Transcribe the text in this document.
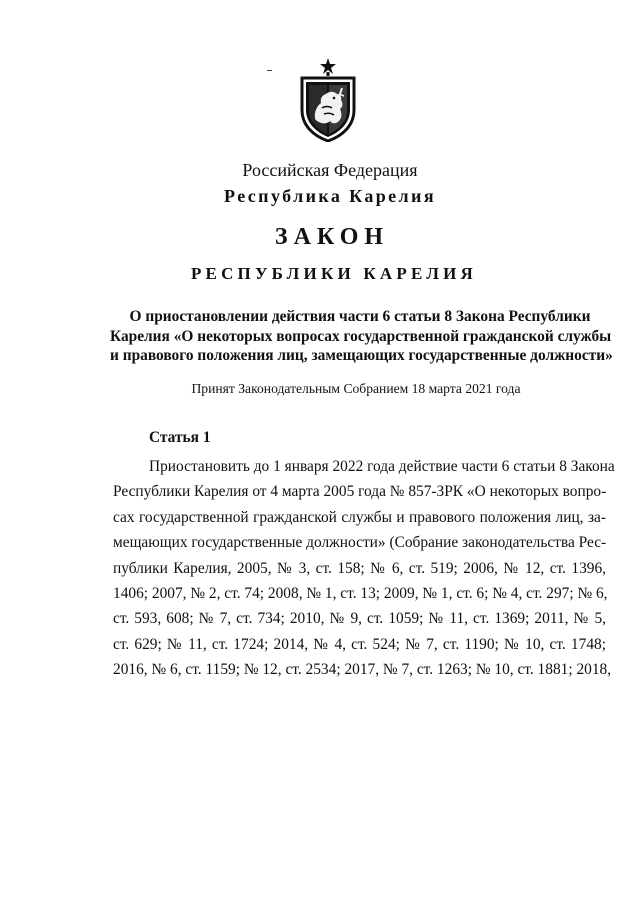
Российская Федерация
Республика Карелия
ЗАКОН
РЕСПУБЛИКИ КАРЕЛИЯ
О приостановлении действия части 6 статьи 8 Закона Республики
Карелия «О некоторых вопросах государственной гражданской службы
и правового положения лиц, замещающих государственные должности»
Принят Законодательным Собранием 18 марта 2021 года
Статья 1
Приостановить до 1 января 2022 года действие части 6 статьи 8 Закона
Республики Карелия от 4 марта 2005 года № 857-ЗРК «О некоторых вопро-
сах государственной гражданской службы и правового положения лиц, за-
мещающих государственные должности» (Собрание законодательства Рес-
публики Карелия, 2005, № 3, ст. 158; № 6, ст. 519; 2006, № 12, ст. 1396,
1406; 2007, № 2, ст. 74; 2008, № 1, ст. 13; 2009, № 1, ст. 6; № 4, ст. 297; № 6,
ст. 593, 608; № 7, ст. 734; 2010, № 9, ст. 1059; № 11, ст. 1369; 2011, № 5,
ст. 629; № 11, ст. 1724; 2014, № 4, ст. 524; № 7, ст. 1190; № 10, ст. 1748;
2016, № 6, ст. 1159; № 12, ст. 2534; 2017, № 7, ст. 1263; № 10, ст. 1881; 2018,
